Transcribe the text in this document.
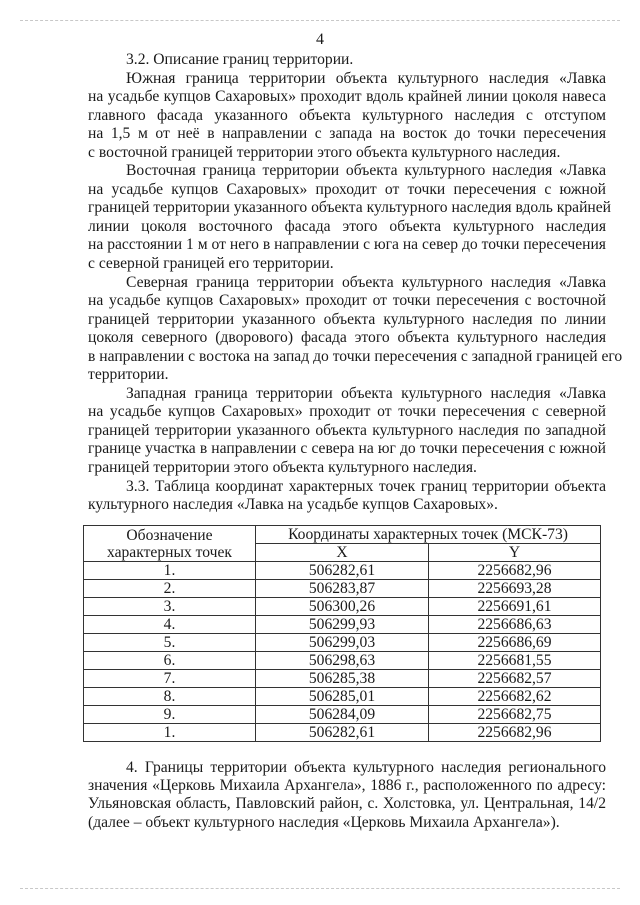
4
3.2. Описание границ территории.
Южная граница территории объекта культурного наследия «Лавка
на усадьбе купцов Сахаровых» проходит вдоль крайней линии цоколя навеса
главного фасада указанного объекта культурного наследия с отступом
на 1,5 м от неё в направлении с запада на восток до точки пересечения
с восточной границей территории этого объекта культурного наследия.
Восточная граница территории объекта культурного наследия «Лавка
на усадьбе купцов Сахаровых» проходит от точки пересечения с южной
границей территории указанного объекта культурного наследия вдоль крайней
линии цоколя восточного фасада этого объекта культурного наследия
на расстоянии 1 м от него в направлении с юга на север до точки пересечения
с северной границей его территории.
Северная граница территории объекта культурного наследия «Лавка
на усадьбе купцов Сахаровых» проходит от точки пересечения с восточной
границей территории указанного объекта культурного наследия по линии
цоколя северного (дворового) фасада этого объекта культурного наследия
в направлении с востока на запад до точки пересечения с западной границей его
территории.
Западная граница территории объекта культурного наследия «Лавка
на усадьбе купцов Сахаровых» проходит от точки пересечения с северной
границей территории указанного объекта культурного наследия по западной
границе участка в направлении с севера на юг до точки пересечения с южной
границей территории этого объекта культурного наследия.
3.3. Таблица координат характерных точек границ территории объекта
культурного наследия «Лавка на усадьбе купцов Сахаровых».
Обозначение характерных точек	Координаты характерных точек (МСК-73)	
	X	Y
1.	506282,61	2256682,96
2.	506283,87	2256693,28
3.	506300,26	2256691,61
4.	506299,93	2256686,63
5.	506299,03	2256686,69
6.	506298,63	2256681,55
7.	506285,38	2256682,57
8.	506285,01	2256682,62
9.	506284,09	2256682,75
1.	506282,61	2256682,96
4. Границы территории объекта культурного наследия регионального
значения «Церковь Михаила Архангела», 1886 г., расположенного по адресу:
Ульяновская область, Павловский район, с. Холстовка, ул. Центральная, 14/2
(далее – объект культурного наследия «Церковь Михаила Архангела»).
